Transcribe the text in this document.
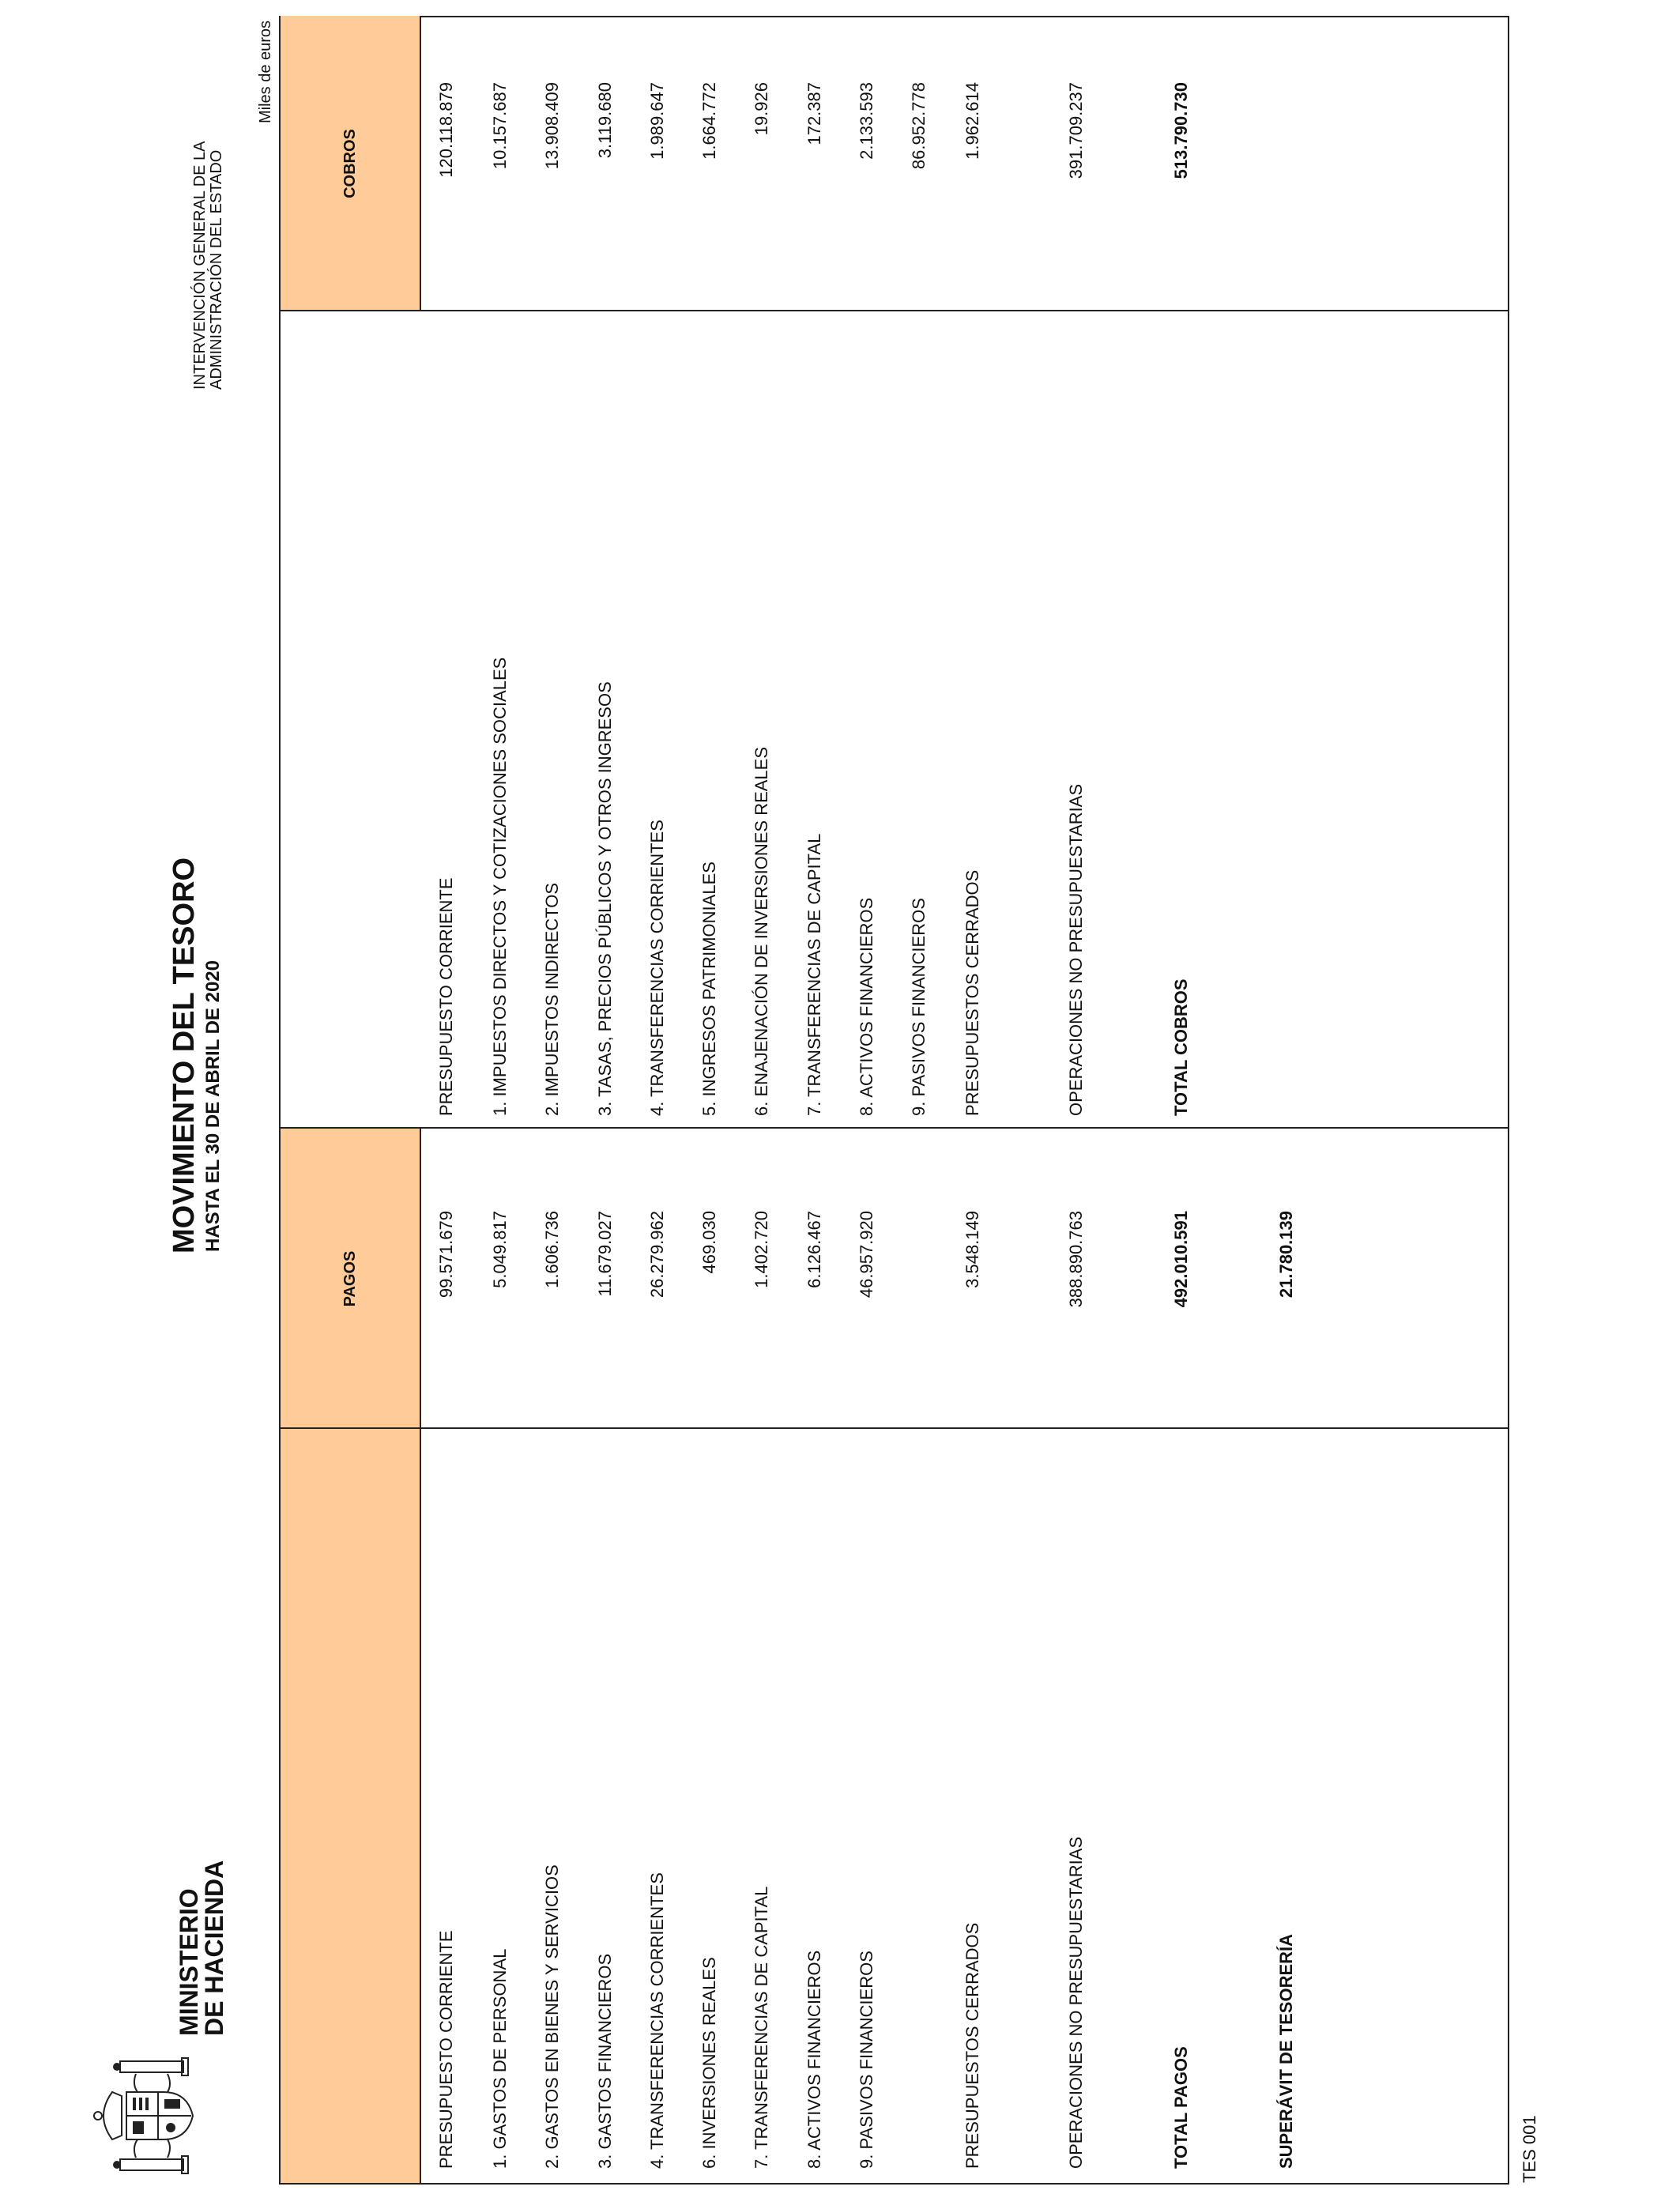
MINISTERIO
DE HACIENDA
MOVIMIENTO DEL TESORO HASTA EL 30 DE ABRIL DE 2020
INTERVENCIÓN GENERAL DE LA ADMINISTRACIÓN DEL ESTADO
Miles de euros
PAGOS
COBROS
PRESUPUESTO CORRIENTE
99.571.679
PRESUPUESTO CORRIENTE
120.118.879
1. GASTOS DE PERSONAL
5.049.817
1. IMPUESTOS DIRECTOS Y COTIZACIONES SOCIALES
10.157.687
2. GASTOS EN BIENES Y SERVICIOS
1.606.736
2. IMPUESTOS INDIRECTOS
13.908.409
3. GASTOS FINANCIEROS
11.679.027
3. TASAS, PRECIOS PÚBLICOS Y OTROS INGRESOS
3.119.680
4. TRANSFERENCIAS CORRIENTES
26.279.962
4. TRANSFERENCIAS CORRIENTES
1.989.647
6. INVERSIONES REALES
469.030
5. INGRESOS PATRIMONIALES
1.664.772
7. TRANSFERENCIAS DE CAPITAL
1.402.720
6. ENAJENACIÓN DE INVERSIONES REALES
19.926
8. ACTIVOS FINANCIEROS
6.126.467
7. TRANSFERENCIAS DE CAPITAL
172.387
9. PASIVOS FINANCIEROS
46.957.920
8. ACTIVOS FINANCIEROS
2.133.593
9. PASIVOS FINANCIEROS
86.952.778
PRESUPUESTOS CERRADOS
3.548.149
PRESUPUESTOS CERRADOS
1.962.614
OPERACIONES NO PRESUPUESTARIAS
388.890.763
OPERACIONES NO PRESUPUESTARIAS
391.709.237
TOTAL PAGOS
492.010.591
TOTAL COBROS
513.790.730
SUPERÁVIT DE TESORERÍA
21.780.139
TES 001
